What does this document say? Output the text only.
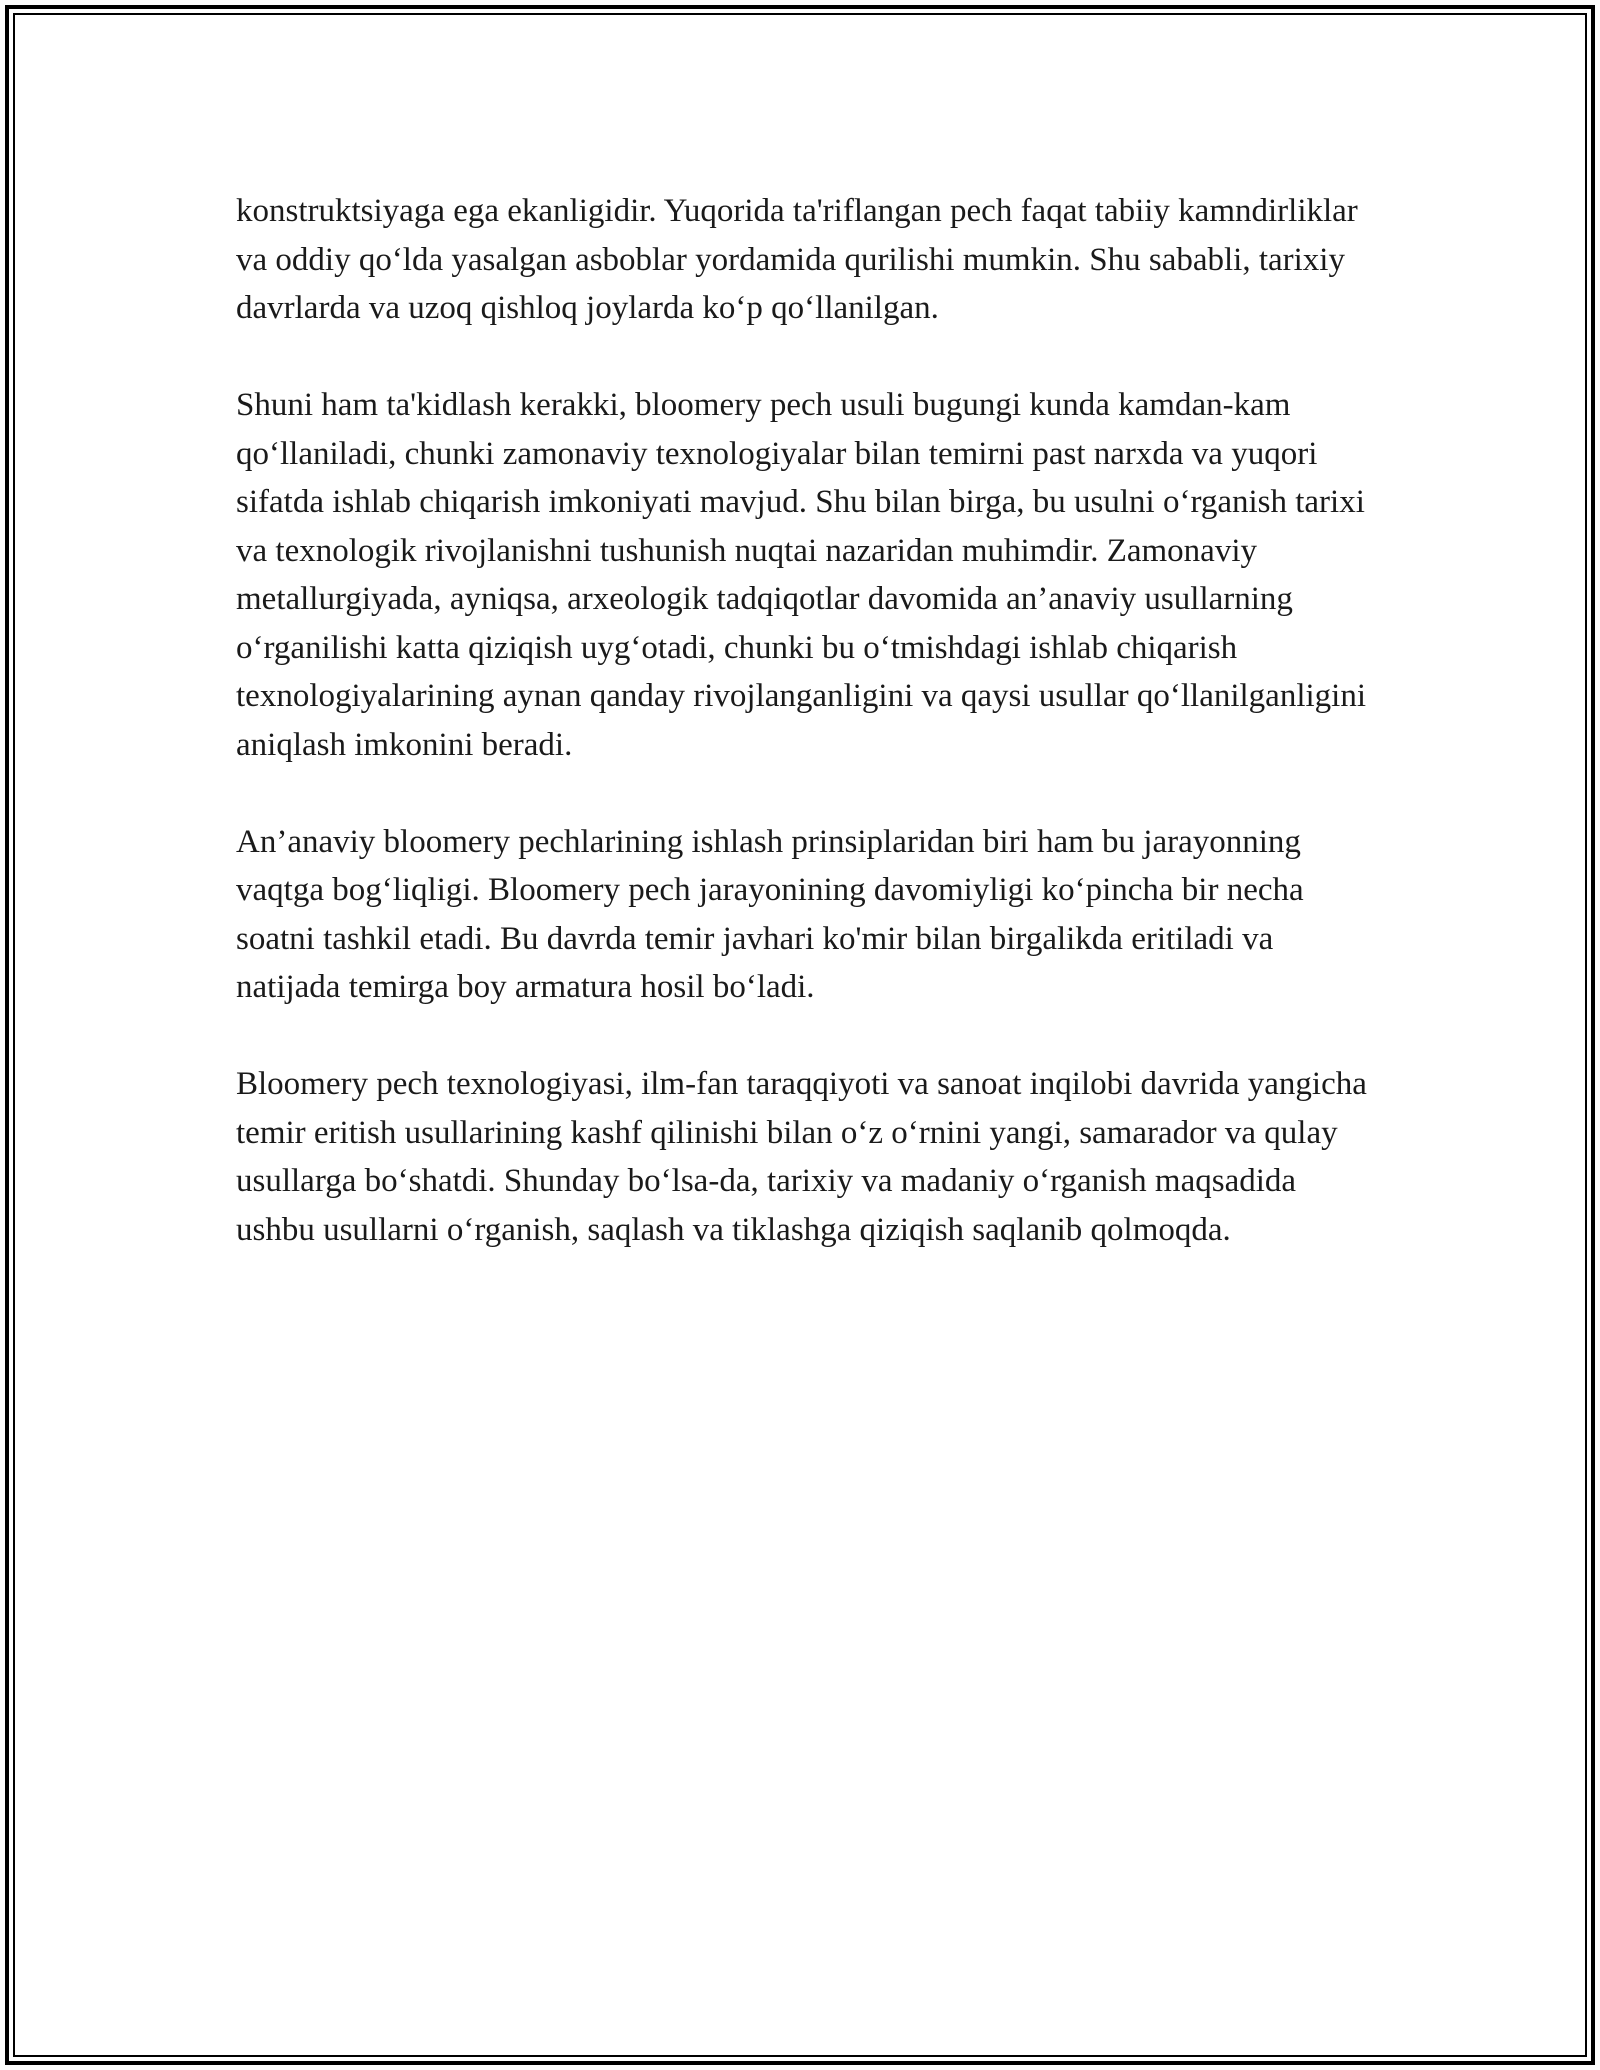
konstruktsiyaga ega ekanligidir. Yuqorida ta'riflangan pech faqat tabiiy kamndirliklar va oddiy qo‘lda yasalgan asboblar yordamida qurilishi mumkin. Shu sababli, tarixiy davrlarda va uzoq qishloq joylarda ko‘p qo‘llanilgan.

Shuni ham ta'kidlash kerakki, bloomery pech usuli bugungi kunda kamdan-kam qo‘llaniladi, chunki zamonaviy texnologiyalar bilan temirni past narxda va yuqori sifatda ishlab chiqarish imkoniyati mavjud. Shu bilan birga, bu usulni o‘rganish tarixi va texnologik rivojlanishni tushunish nuqtai nazaridan muhimdir. Zamonaviy metallurgiyada, ayniqsa, arxeologik tadqiqotlar davomida an’anaviy usullarning o‘rganilishi katta qiziqish uyg‘otadi, chunki bu o‘tmishdagi ishlab chiqarish texnologiyalarining aynan qanday rivojlanganligini va qaysi usullar qo‘llanilganligini aniqlash imkonini beradi.

An’anaviy bloomery pechlarining ishlash prinsiplaridan biri ham bu jarayonning vaqtga bog‘liqligi. Bloomery pech jarayonining davomiyligi ko‘pincha bir necha soatni tashkil etadi. Bu davrda temir javhari ko'mir bilan birgalikda eritiladi va natijada temirga boy armatura hosil bo‘ladi.

Bloomery pech texnologiyasi, ilm-fan taraqqiyoti va sanoat inqilobi davrida yangicha temir eritish usullarining kashf qilinishi bilan o‘z o‘rnini yangi, samarador va qulay usullarga bo‘shatdi. Shunday bo‘lsa-da, tarixiy va madaniy o‘rganish maqsadida ushbu usullarni o‘rganish, saqlash va tiklashga qiziqish saqlanib qolmoqda.
